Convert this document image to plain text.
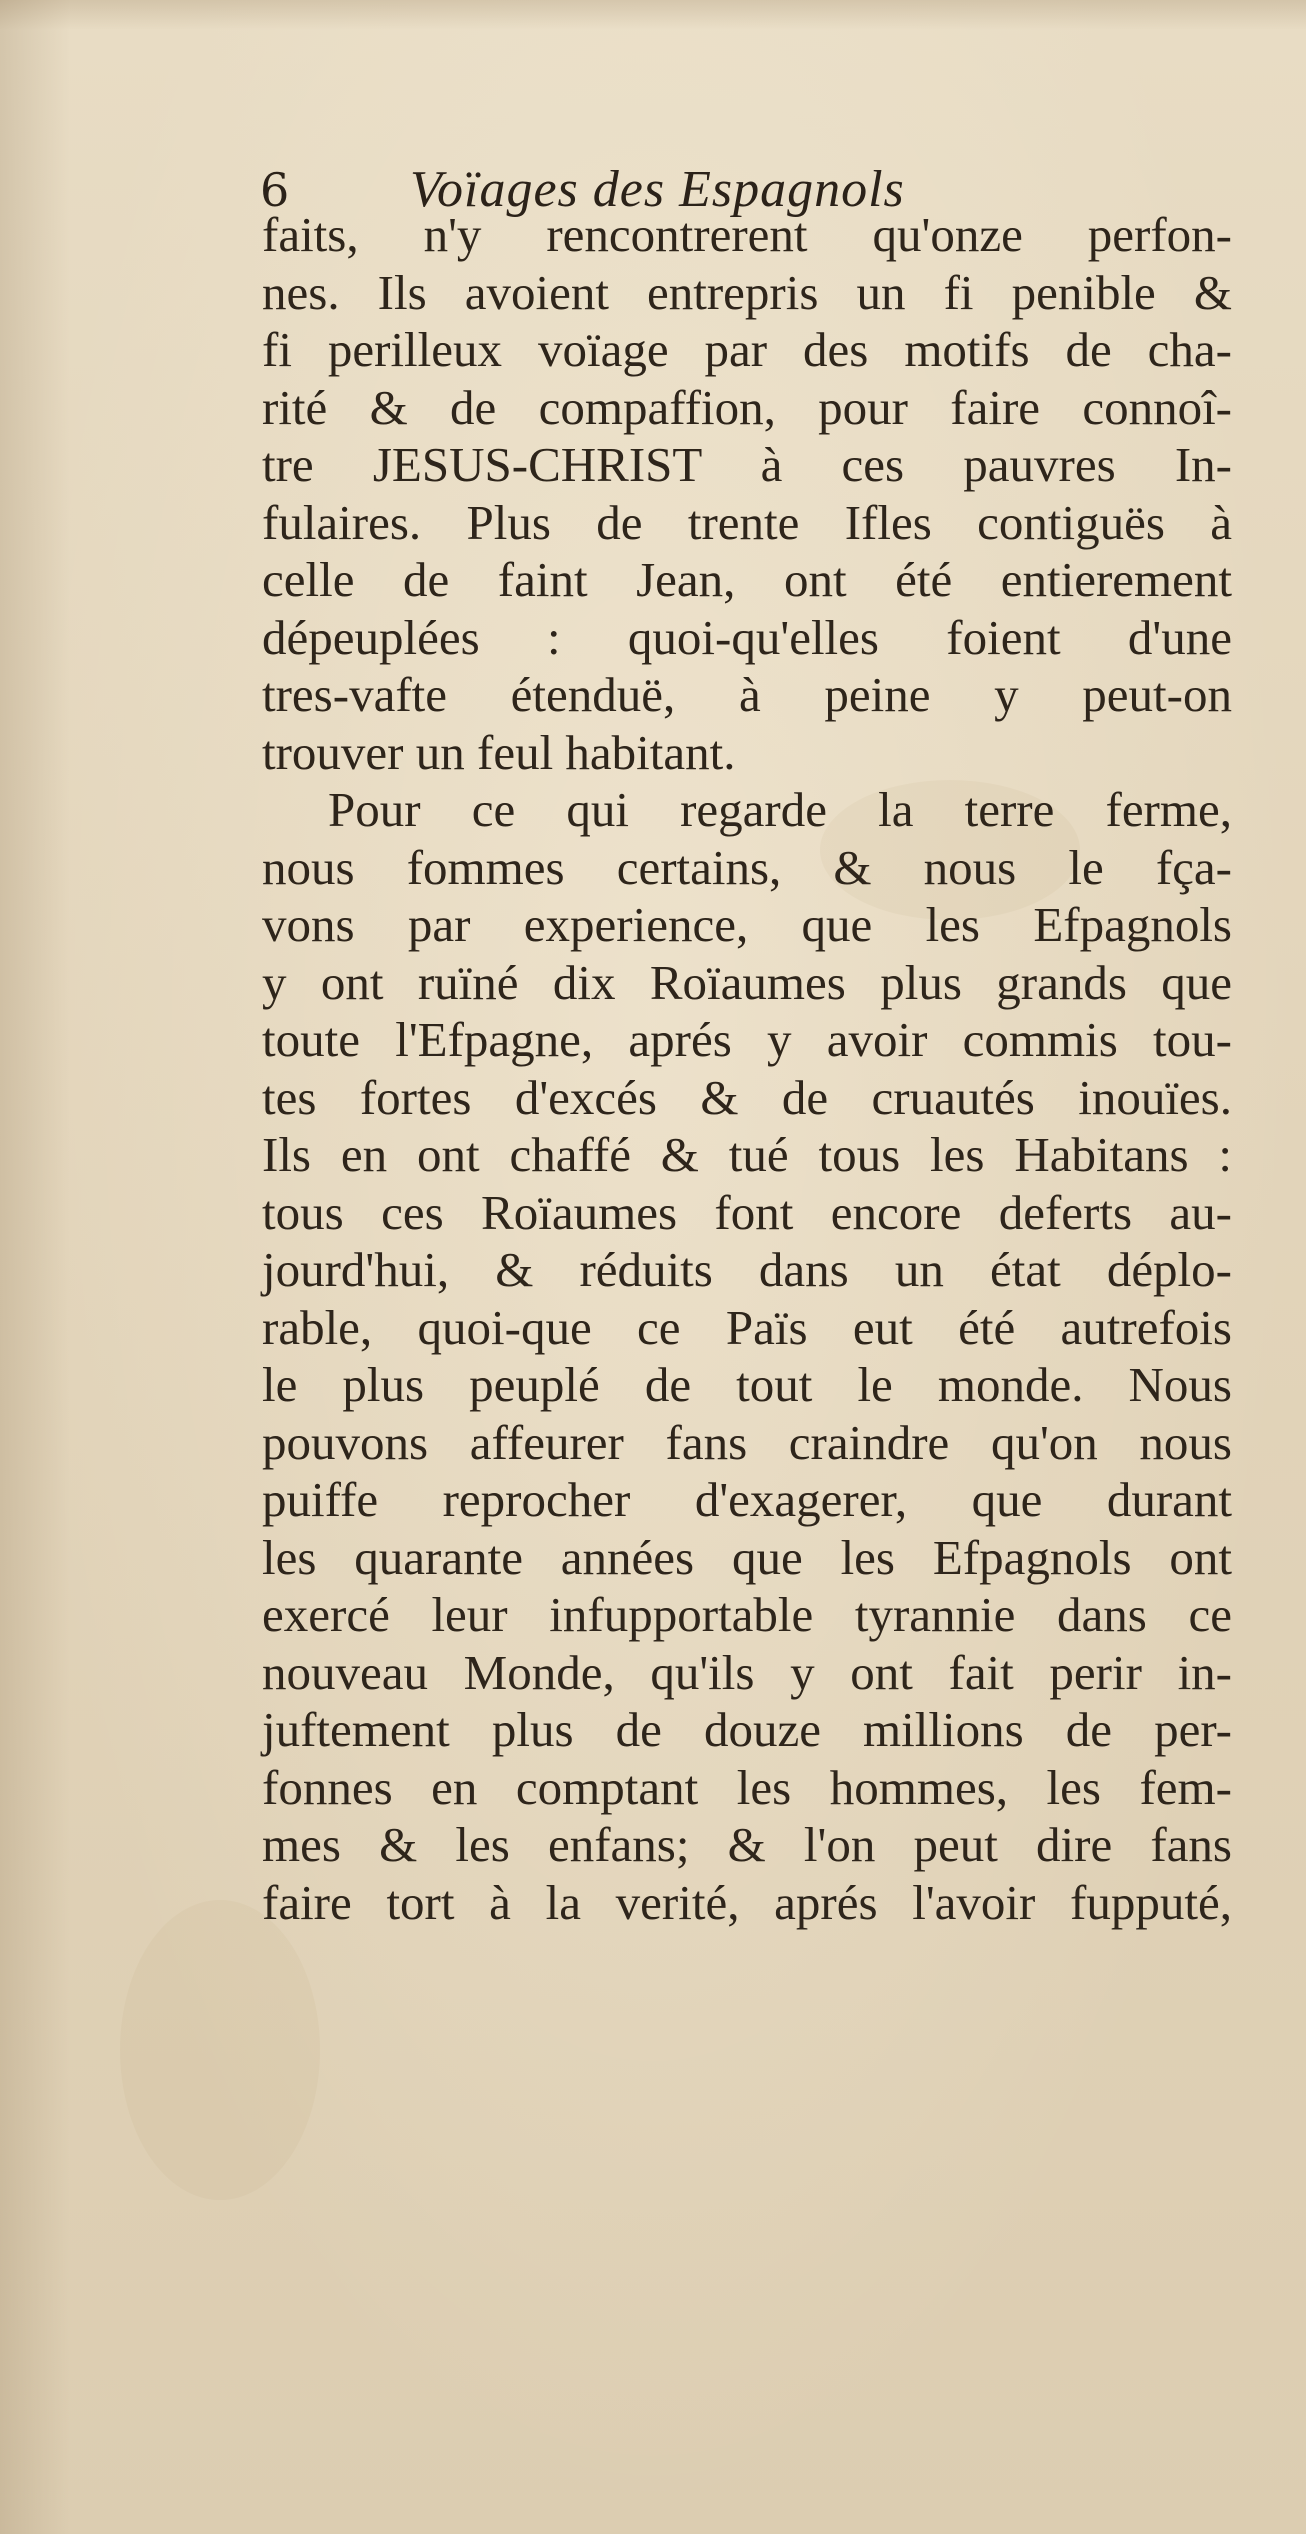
6 Voïages des Espagnols
faits, n'y rencontrerent qu'onze perfon-
nes. Ils avoient entrepris un fi penible &
fi perilleux voïage par des motifs de cha-
rité & de compaffion, pour faire connoî-
tre JESUS-CHRIST à ces pauvres In-
fulaires. Plus de trente Ifles contiguës à
celle de faint Jean, ont été entierement
dépeuplées : quoi-qu'elles foient d'une
tres-vafte étenduë, à peine y peut-on
trouver un feul habitant.
Pour ce qui regarde la terre ferme,
nous fommes certains, & nous le fça-
vons par experience, que les Efpagnols
y ont ruïné dix Roïaumes plus grands que
toute l'Efpagne, aprés y avoir commis tou-
tes fortes d'excés & de cruautés inouïes.
Ils en ont chaffé & tué tous les Habitans :
tous ces Roïaumes font encore deferts au-
jourd'hui, & réduits dans un état déplo-
rable, quoi-que ce Païs eut été autrefois
le plus peuplé de tout le monde. Nous
pouvons affeurer fans craindre qu'on nous
puiffe reprocher d'exagerer, que durant
les quarante années que les Efpagnols ont
exercé leur infupportable tyrannie dans ce
nouveau Monde, qu'ils y ont fait perir in-
juftement plus de douze millions de per-
fonnes en comptant les hommes, les fem-
mes & les enfans; & l'on peut dire fans
faire tort à la verité, aprés l'avoir fupputé,
